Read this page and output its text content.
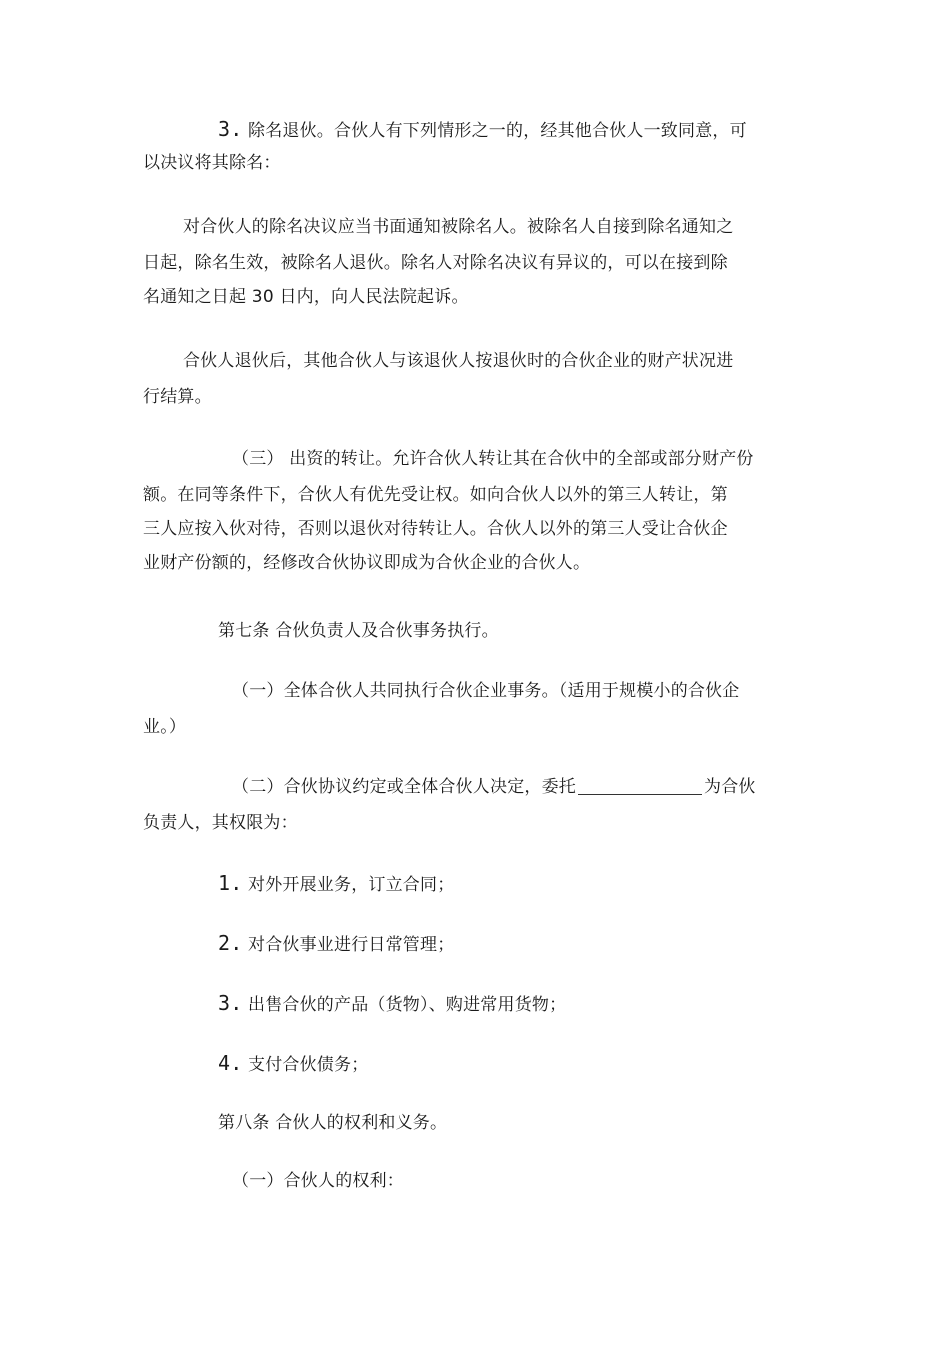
3. 除名退伙。合伙人有下列情形之一的，经其他合伙人一致同意，可
以决议将其除名：
对合伙人的除名决议应当书面通知被除名人。被除名人自接到除名通知之
日起，除名生效，被除名人退伙。除名人对除名决议有异议的，可以在接到除
名通知之日起 30 日内，向人民法院起诉。
合伙人退伙后，其他合伙人与该退伙人按退伙时的合伙企业的财产状况进
行结算。
（三） 出资的转让。允许合伙人转让其在合伙中的全部或部分财产份
额。在同等条件下，合伙人有优先受让权。如向合伙人以外的第三人转让，第
三人应按入伙对待，否则以退伙对待转让人。合伙人以外的第三人受让合伙企
业财产份额的，经修改合伙协议即成为合伙企业的合伙人。
第七条 合伙负责人及合伙事务执行。
（一）全体合伙人共同执行合伙企业事务。（适用于规模小的合伙企
业。）
（二）合伙协议约定或全体合伙人决定，委托	为合伙
负责人，其权限为：
1. 对外开展业务，订立合同；
2. 对合伙事业进行日常管理；
3. 出售合伙的产品（货物）、购进常用货物；
4. 支付合伙债务；
第八条 合伙人的权利和义务。
（一）合伙人的权利：
